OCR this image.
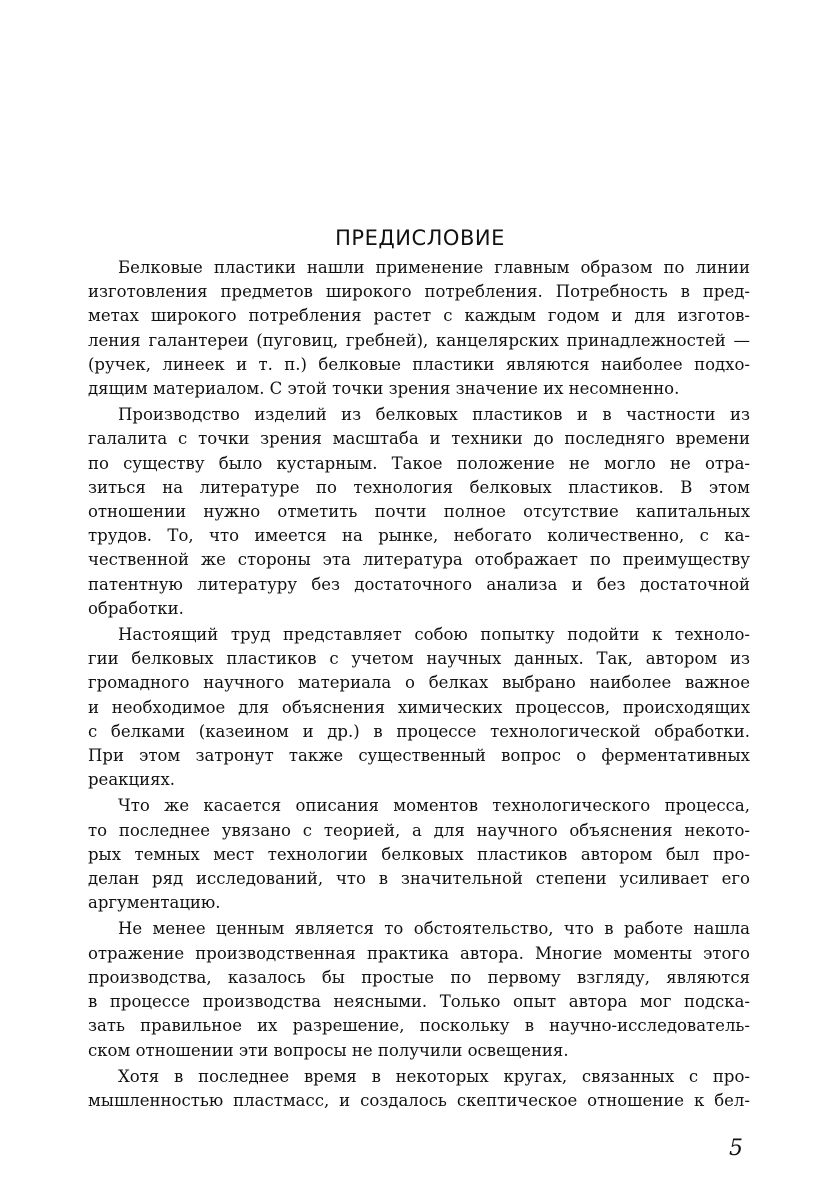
ПРЕДИСЛОВИЕ

Белковые пластики нашли применение главным образом по линии
изготовления предметов широкого потребления. Потребность в пред-
метах широкого потребления растет с каждым годом и для изготов-
ления галантереи (пуговиц, гребней), канцелярских принадлежностей —
(ручек, линеек и т. п.) белковые пластики являются наиболее подхо-
дящим материалом. С этой точки зрения значение их несомненно.

Производство изделий из белковых пластиков и в частности из
галалита с точки зрения масштаба и техники до последняго времени
по существу было кустарным. Такое положение не могло не отра-
зиться на литературе по технология белковых пластиков. В этом
отношении нужно отметить почти полное отсутствие капитальных
трудов. То, что имеется на рынке, небогато количественно, с ка-
чественной же стороны эта литература отображает по преимуществу
патентную литературу без достаточного анализа и без достаточной
обработки.

Настоящий труд представляет собою попытку подойти к техноло-
гии белковых пластиков с учетом научных данных. Так, автором из
громадного научного материала о белках выбрано наиболее важное
и необходимое для объяснения химических процессов, происходящих
с белками (казеином и др.) в процессе технологической обработки.
При этом затронут также существенный вопрос о ферментативных
реакциях.

Что же касается описания моментов технологического процесса,
то последнее увязано с теорией, а для научного объяснения некото-
рых темных мест технологии белковых пластиков автором был про-
делан ряд исследований, что в значительной степени усиливает его
аргументацию.

Не менее ценным является то обстоятельство, что в работе нашла
отражение производственная практика автора. Многие моменты этого
производства, казалось бы простые по первому взгляду, являются
в процессе производства неясными. Только опыт автора мог подска-
зать правильное их разрешение, поскольку в научно-исследователь-
ском отношении эти вопросы не получили освещения.

Хотя в последнее время в некоторых кругах, связанных с про-
мышленностью пластмасс, и создалось скептическое отношение к бел-

5
